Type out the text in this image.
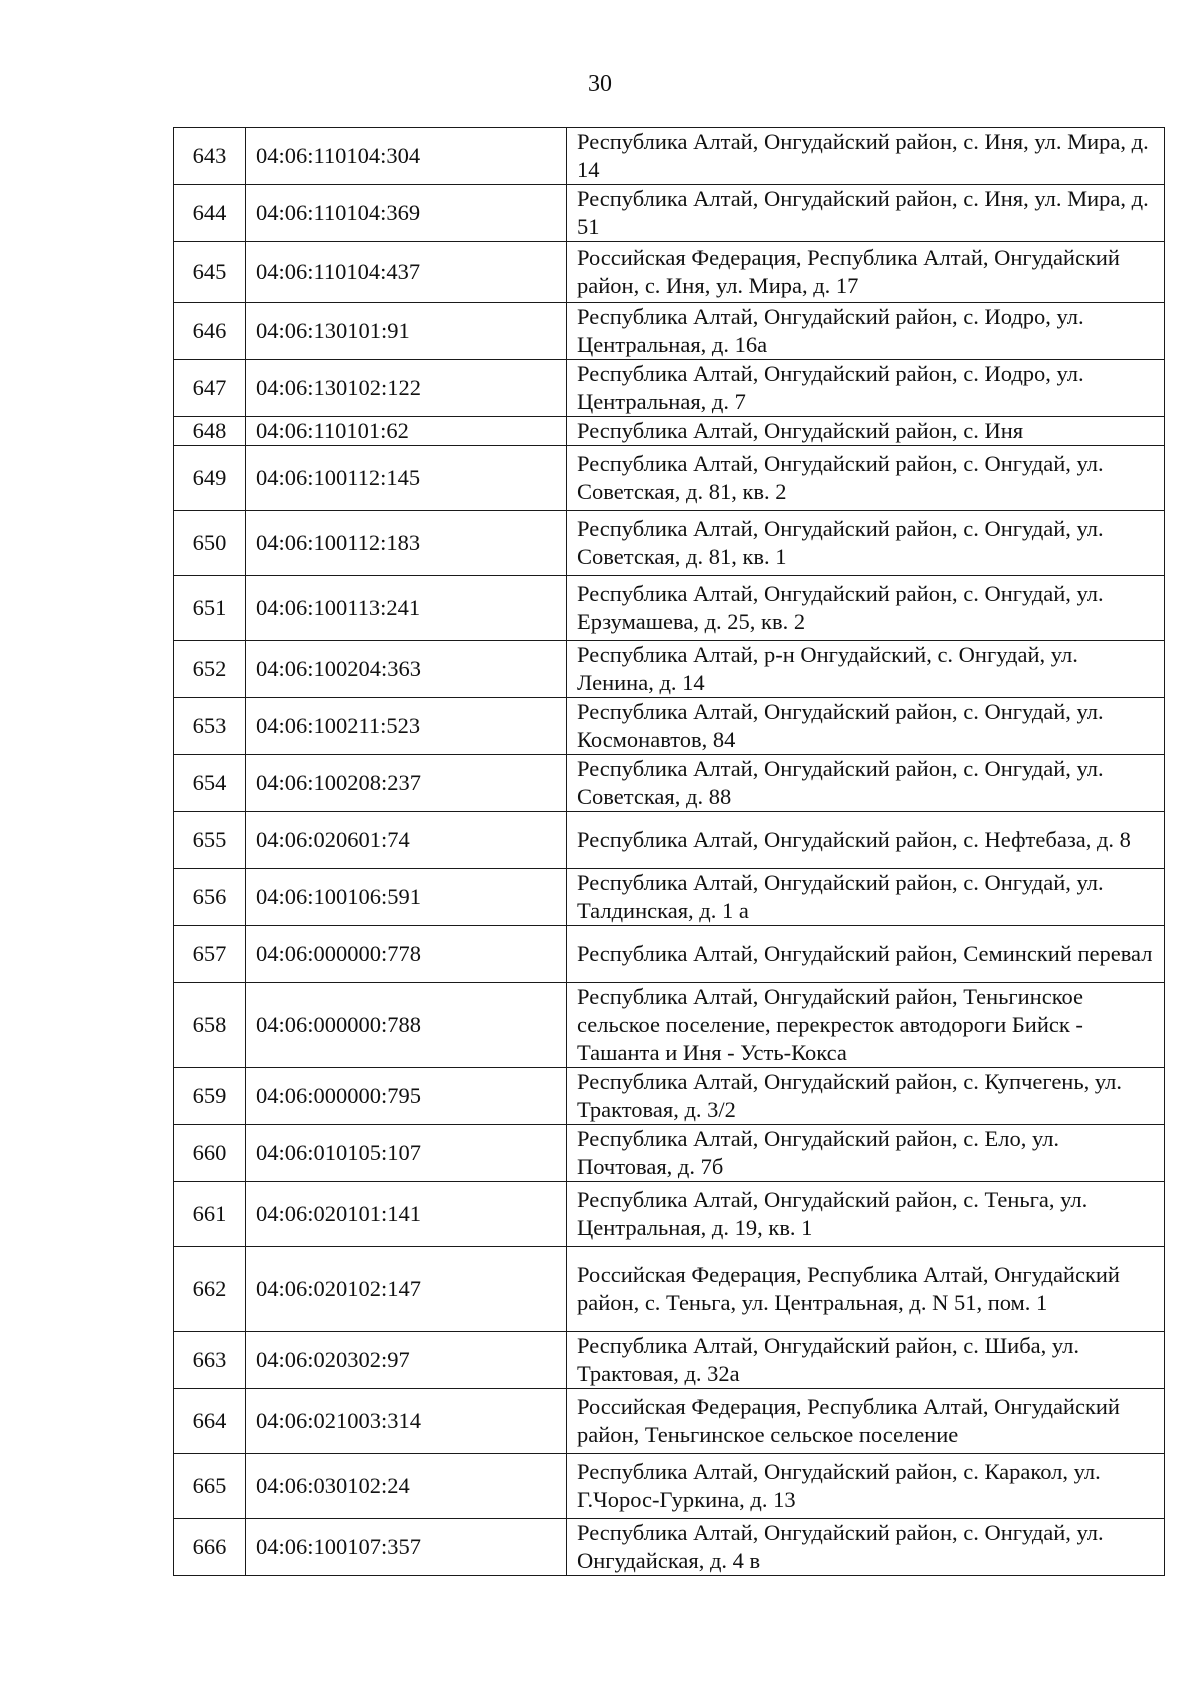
30
643	04:06:110104:304	Республика Алтай, Онгудайский район, с. Иня, ул. Мира, д. 14
644	04:06:110104:369	Республика Алтай, Онгудайский район, с. Иня, ул. Мира, д. 51
645	04:06:110104:437	Российская Федерация, Республика Алтай, Онгудайский район, с. Иня, ул. Мира, д. 17
646	04:06:130101:91	Республика Алтай, Онгудайский район, с. Иодро, ул. Центральная, д. 16а
647	04:06:130102:122	Республика Алтай, Онгудайский район, с. Иодро, ул. Центральная, д. 7
648	04:06:110101:62	Республика Алтай, Онгудайский район, с. Иня
649	04:06:100112:145	Республика Алтай, Онгудайский район, с. Онгудай, ул. Советская, д. 81, кв. 2
650	04:06:100112:183	Республика Алтай, Онгудайский район, с. Онгудай, ул. Советская, д. 81, кв. 1
651	04:06:100113:241	Республика Алтай, Онгудайский район, с. Онгудай, ул. Ерзумашева, д. 25, кв. 2
652	04:06:100204:363	Республика Алтай, р-н Онгудайский, с. Онгудай, ул. Ленина, д. 14
653	04:06:100211:523	Республика Алтай, Онгудайский район, с. Онгудай, ул. Космонавтов, 84
654	04:06:100208:237	Республика Алтай, Онгудайский район, с. Онгудай, ул. Советская, д. 88
655	04:06:020601:74	Республика Алтай, Онгудайский район, с. Нефтебаза, д. 8
656	04:06:100106:591	Республика Алтай, Онгудайский район, с. Онгудай, ул. Талдинская, д. 1 а
657	04:06:000000:778	Республика Алтай, Онгудайский район, Семинский перевал
658	04:06:000000:788	Республика Алтай, Онгудайский район, Теньгинское сельское поселение, перекресток автодороги Бийск - Ташанта и Иня - Усть-Кокса
659	04:06:000000:795	Республика Алтай, Онгудайский район, с. Купчегень, ул. Трактовая, д. 3/2
660	04:06:010105:107	Республика Алтай, Онгудайский район, с. Ело, ул. Почтовая, д. 7б
661	04:06:020101:141	Республика Алтай, Онгудайский район, с. Теньга, ул. Центральная, д. 19, кв. 1
662	04:06:020102:147	Российская Федерация, Республика Алтай, Онгудайский район, с. Теньга, ул. Центральная, д. N 51, пом. 1
663	04:06:020302:97	Республика Алтай, Онгудайский район, с. Шиба, ул. Трактовая, д. 32а
664	04:06:021003:314	Российская Федерация, Республика Алтай, Онгудайский район, Теньгинское сельское поселение
665	04:06:030102:24	Республика Алтай, Онгудайский район, с. Каракол, ул. Г.Чорос-Гуркина, д. 13
666	04:06:100107:357	Республика Алтай, Онгудайский район, с. Онгудай, ул. Онгудайская, д. 4 в
